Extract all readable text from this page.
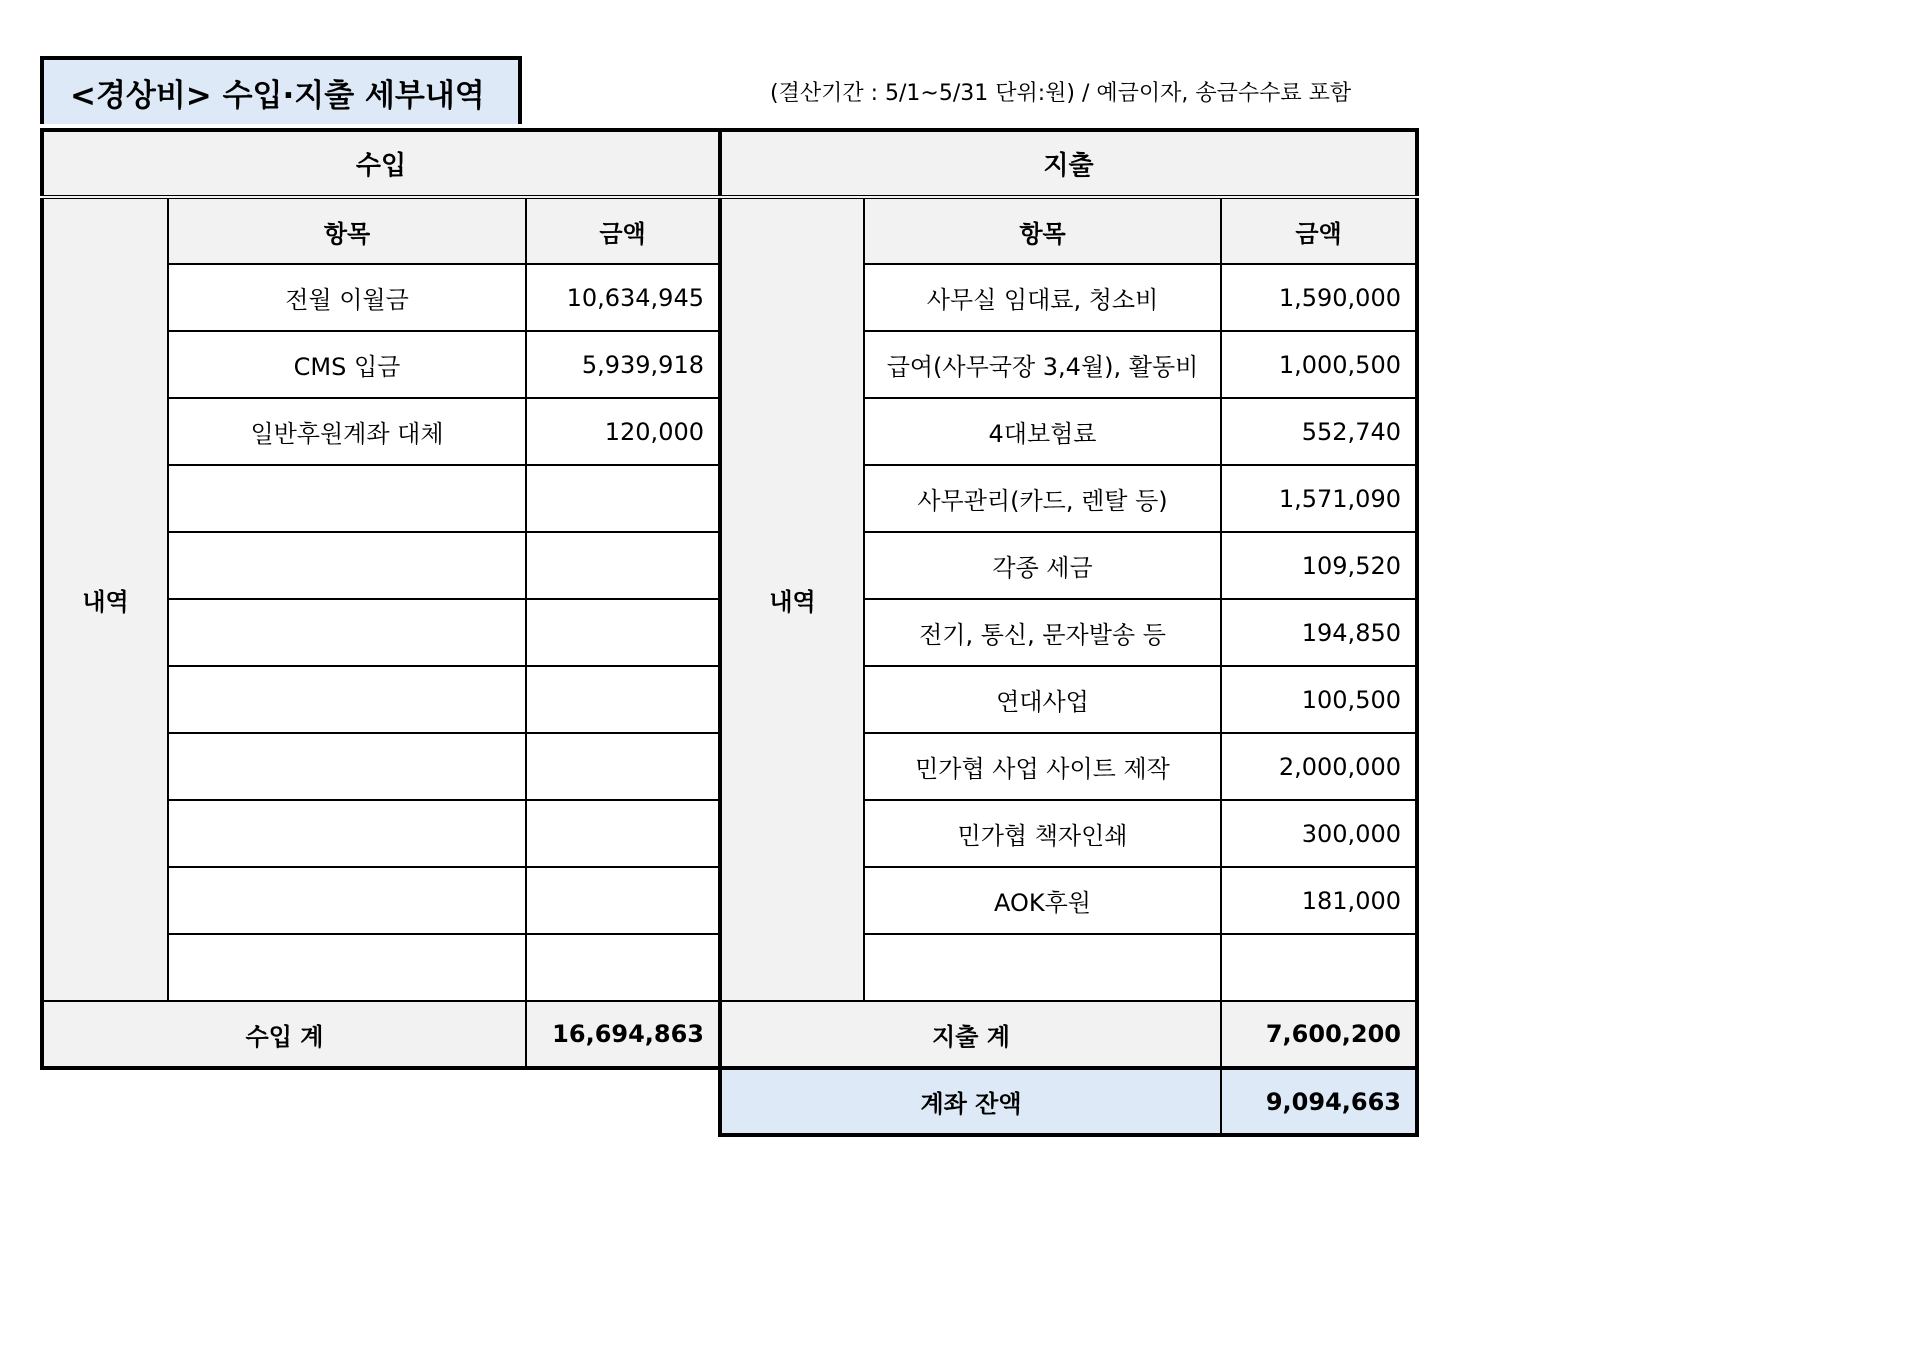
<경상비> 수입·지출 세부내역	(결산기간 : 5/1~5/31 단위:원) / 예금이자, 송금수수료 포함
수입			지출		
내역	항목	금액	내역	항목	금액
	전월 이월금	10,634,945		사무실 임대료, 청소비	1,590,000
	CMS 입금	5,939,918		급여(사무국장 3,4월), 활동비	1,000,500
	일반후원계좌 대체	120,000		4대보험료	552,740
				사무관리(카드, 렌탈 등)	1,571,090
				각종 세금	109,520
				전기, 통신, 문자발송 등	194,850
				연대사업	100,500
				민가협 사업 사이트 제작	2,000,000
				민가협 책자인쇄	300,000
				AOK후원	181,000

수입 계		16,694,863	지출 계		7,600,200
			계좌 잔액		9,094,663
